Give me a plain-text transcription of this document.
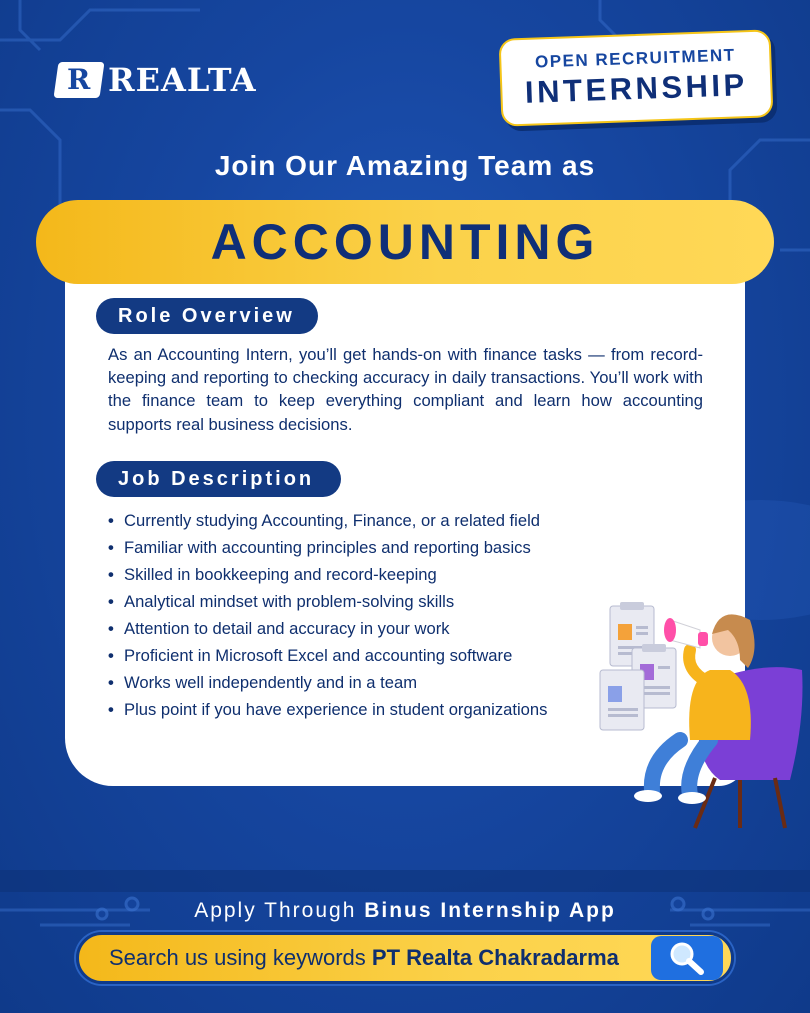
R REALTA
OPEN RECRUITMENT
INTERNSHIP
Join Our Amazing Team as
ACCOUNTING
Role Overview

As an Accounting Intern, you’ll get hands-on with finance tasks — from record-keeping and reporting to checking accuracy in daily transactions. You’ll work with the finance team to keep everything compliant and learn how accounting supports real business decisions.

Job Description
• Currently studying Accounting, Finance, or a related field
• Familiar with accounting principles and reporting basics
• Skilled in bookkeeping and record-keeping
• Analytical mindset with problem-solving skills
• Attention to detail and accuracy in your work
• Proficient in Microsoft Excel and accounting software
• Works well independently and in a team
• Plus point if you have experience in student organizations
Apply Through Binus Internship App
Search us using keywords PT Realta Chakradarma
